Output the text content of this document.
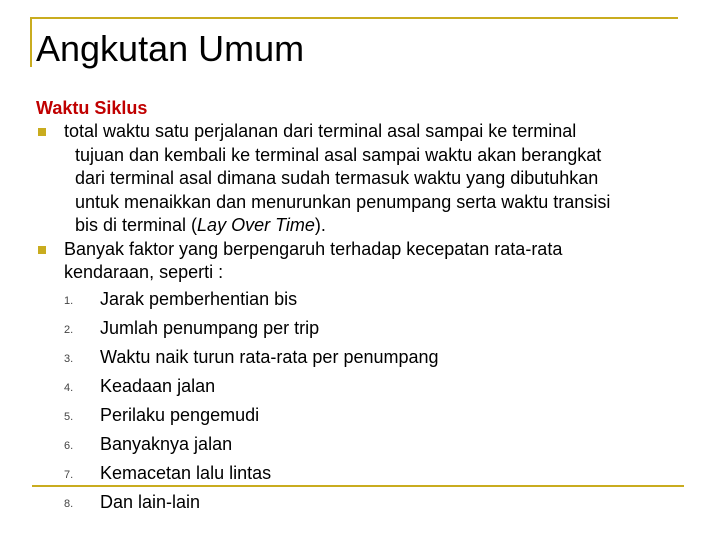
Angkutan Umum
Waktu Siklus

total waktu satu perjalanan dari terminal asal sampai ke terminal
tujuan dan kembali ke terminal asal sampai waktu akan berangkat
dari terminal asal dimana sudah termasuk waktu yang dibutuhkan
untuk menaikkan dan menurunkan penumpang serta waktu transisi
bis di terminal (Lay Over Time).

Banyak faktor yang berpengaruh terhadap kecepatan rata-rata
kendaraan, seperti :

1. Jarak pemberhentian bis
2. Jumlah penumpang per trip
3. Waktu naik turun rata-rata per penumpang
4. Keadaan jalan
5. Perilaku pengemudi
6. Banyaknya jalan
7. Kemacetan lalu lintas
8. Dan lain-lain
